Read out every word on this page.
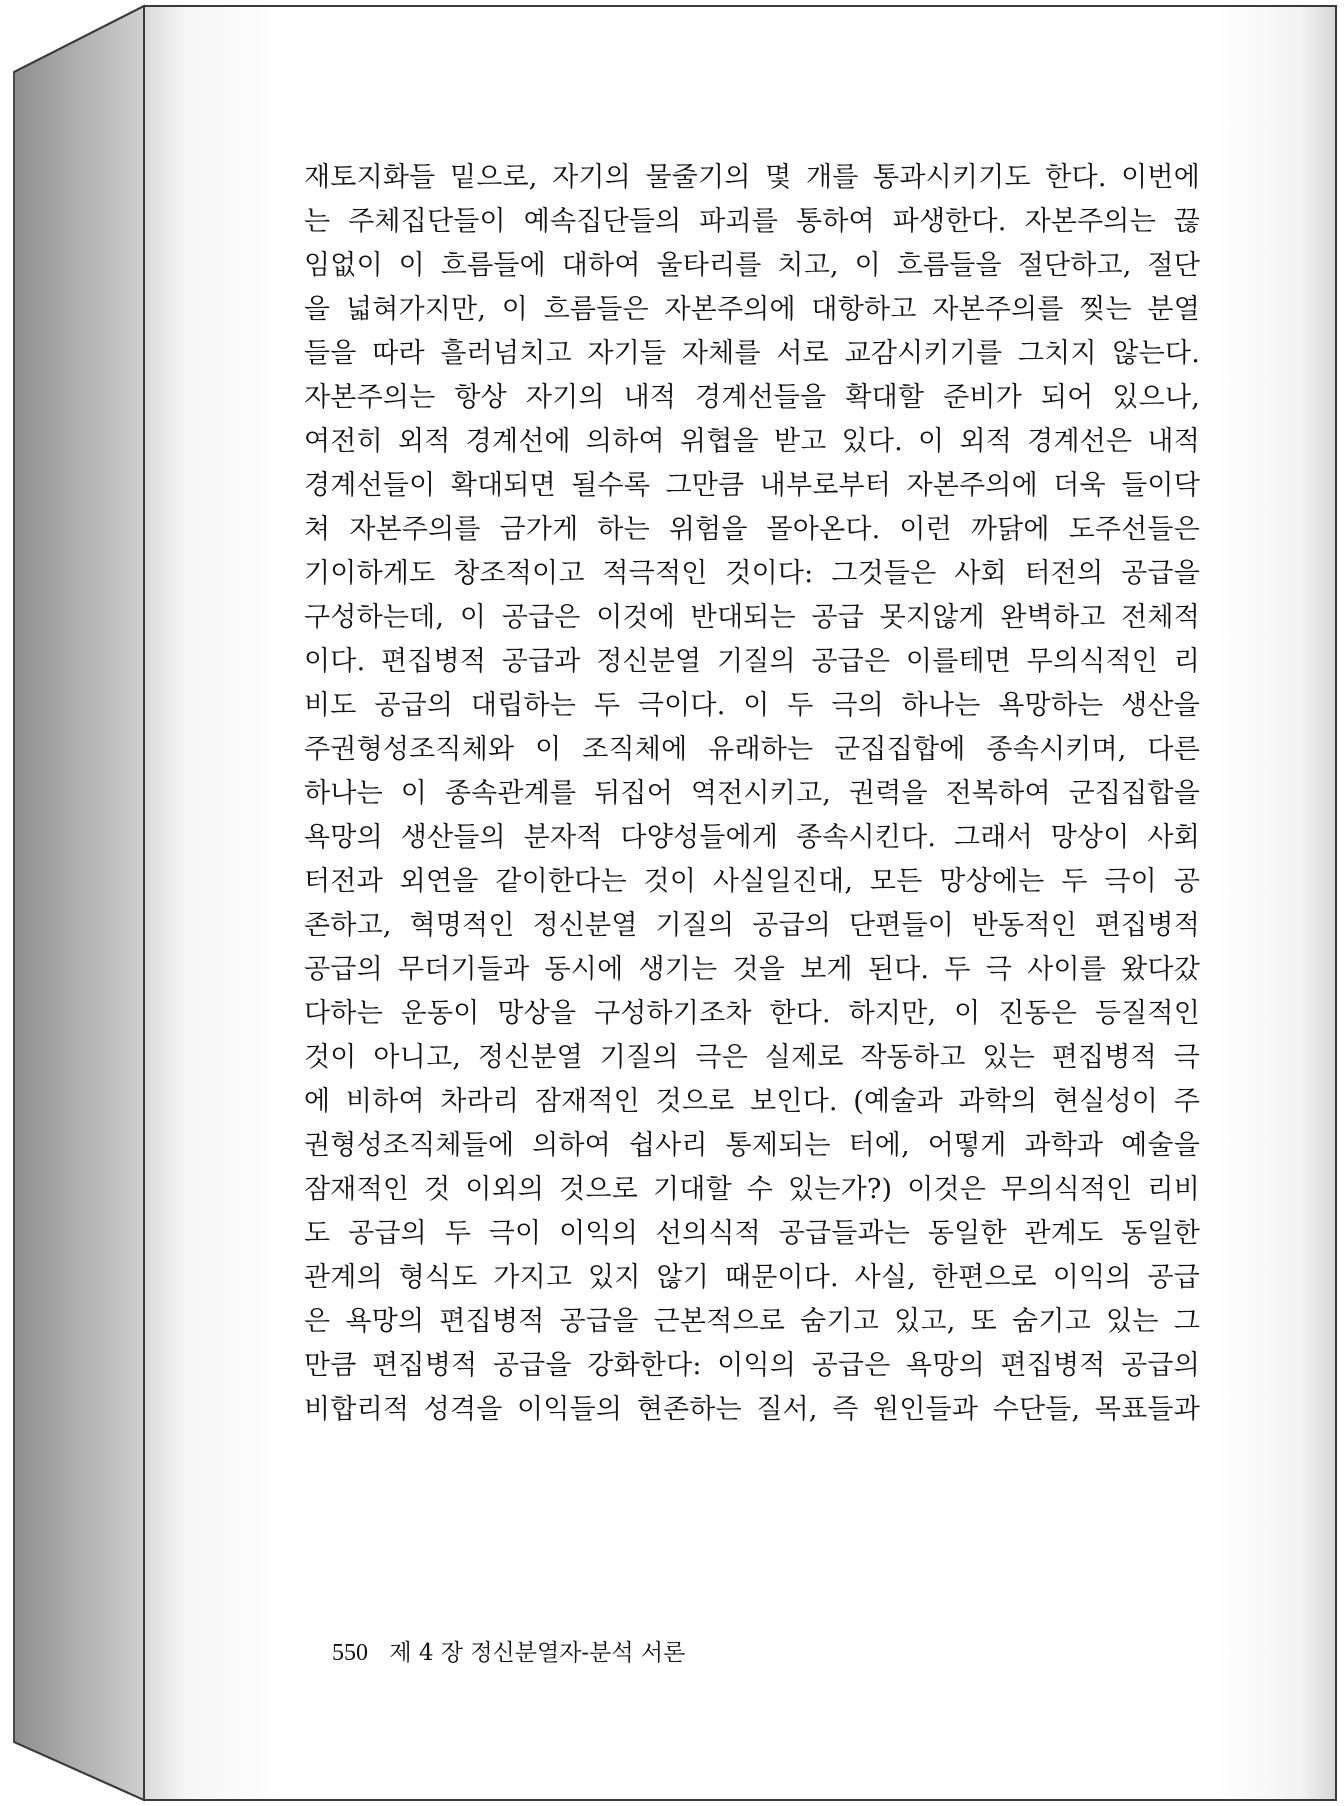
재토지화들 밑으로, 자기의 물줄기의 몇 개를 통과시키기도 한다. 이번에
는 주체집단들이 예속집단들의 파괴를 통하여 파생한다. 자본주의는 끊
임없이 이 흐름들에 대하여 울타리를 치고, 이 흐름들을 절단하고, 절단
을 넓혀가지만, 이 흐름들은 자본주의에 대항하고 자본주의를 찢는 분열
들을 따라 흘러넘치고 자기들 자체를 서로 교감시키기를 그치지 않는다.
자본주의는 항상 자기의 내적 경계선들을 확대할 준비가 되어 있으나,
여전히 외적 경계선에 의하여 위협을 받고 있다. 이 외적 경계선은 내적
경계선들이 확대되면 될수록 그만큼 내부로부터 자본주의에 더욱 들이닥
쳐 자본주의를 금가게 하는 위험을 몰아온다. 이런 까닭에 도주선들은
기이하게도 창조적이고 적극적인 것이다: 그것들은 사회 터전의 공급을
구성하는데, 이 공급은 이것에 반대되는 공급 못지않게 완벽하고 전체적
이다. 편집병적 공급과 정신분열 기질의 공급은 이를테면 무의식적인 리
비도 공급의 대립하는 두 극이다. 이 두 극의 하나는 욕망하는 생산을
주권형성조직체와 이 조직체에 유래하는 군집집합에 종속시키며, 다른
하나는 이 종속관계를 뒤집어 역전시키고, 권력을 전복하여 군집집합을
욕망의 생산들의 분자적 다양성들에게 종속시킨다. 그래서 망상이 사회
터전과 외연을 같이한다는 것이 사실일진대, 모든 망상에는 두 극이 공
존하고, 혁명적인 정신분열 기질의 공급의 단편들이 반동적인 편집병적
공급의 무더기들과 동시에 생기는 것을 보게 된다. 두 극 사이를 왔다갔
다하는 운동이 망상을 구성하기조차 한다. 하지만, 이 진동은 등질적인
것이 아니고, 정신분열 기질의 극은 실제로 작동하고 있는 편집병적 극
에 비하여 차라리 잠재적인 것으로 보인다. (예술과 과학의 현실성이 주
권형성조직체들에 의하여 쉽사리 통제되는 터에, 어떻게 과학과 예술을
잠재적인 것 이외의 것으로 기대할 수 있는가?) 이것은 무의식적인 리비
도 공급의 두 극이 이익의 선의식적 공급들과는 동일한 관계도 동일한
관계의 형식도 가지고 있지 않기 때문이다. 사실, 한편으로 이익의 공급
은 욕망의 편집병적 공급을 근본적으로 숨기고 있고, 또 숨기고 있는 그
만큼 편집병적 공급을 강화한다: 이익의 공급은 욕망의 편집병적 공급의
비합리적 성격을 이익들의 현존하는 질서, 즉 원인들과 수단들, 목표들과
550 제 4 장 정신분열자-분석 서론
